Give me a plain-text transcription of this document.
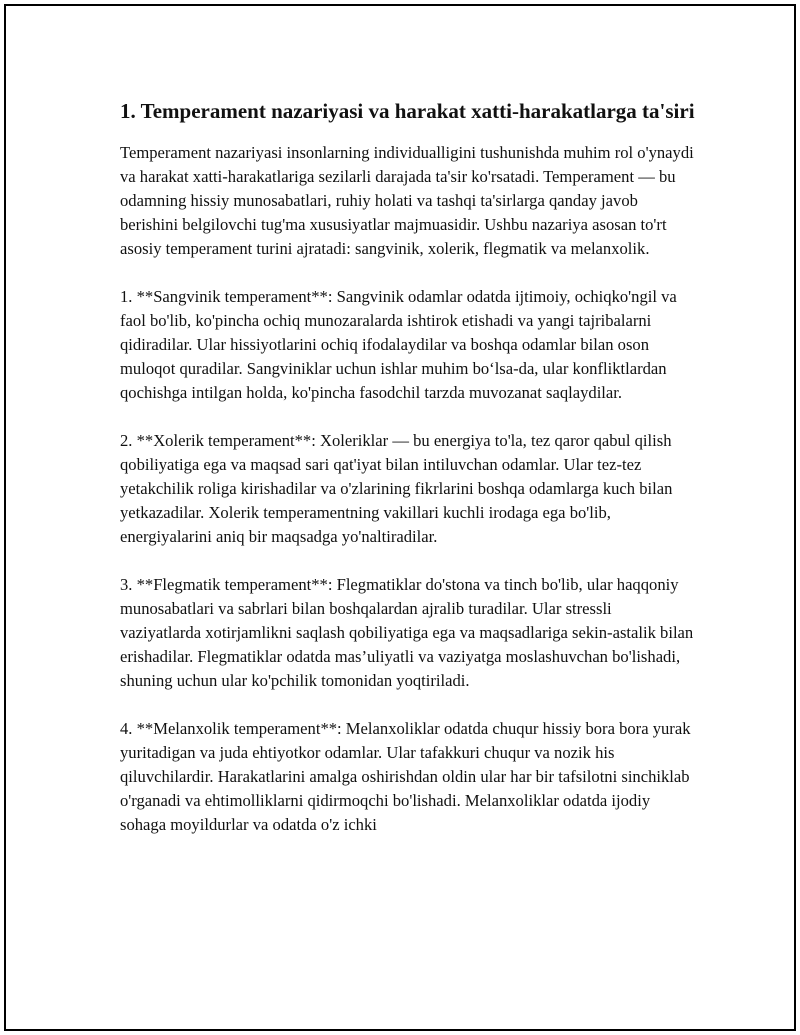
1. Temperament nazariyasi va harakat xatti-harakatlarga ta'siri

Temperament nazariyasi insonlarning individualligini tushunishda muhim rol o'ynaydi va harakat xatti-harakatlariga sezilarli darajada ta'sir ko'rsatadi. Temperament — bu odamning hissiy munosabatlari, ruhiy holati va tashqi ta'sirlarga qanday javob berishini belgilovchi tug'ma xususiyatlar majmuasidir. Ushbu nazariya asosan to'rt asosiy temperament turini ajratadi: sangvinik, xolerik, flegmatik va melanxolik.

1. **Sangvinik temperament**: Sangvinik odamlar odatda ijtimoiy, ochiqko'ngil va faol bo'lib, ko'pincha ochiq munozaralarda ishtirok etishadi va yangi tajribalarni qidiradilar. Ular hissiyotlarini ochiq ifodalaydilar va boshqa odamlar bilan oson muloqot quradilar. Sangviniklar uchun ishlar muhim bo‘lsa-da, ular konfliktlardan qochishga intilgan holda, ko'pincha fasodchil tarzda muvozanat saqlaydilar.

2. **Xolerik temperament**: Xoleriklar — bu energiya to'la, tez qaror qabul qilish qobiliyatiga ega va maqsad sari qat'iyat bilan intiluvchan odamlar. Ular tez-tez yetakchilik roliga kirishadilar va o'zlarining fikrlarini boshqa odamlarga kuch bilan yetkazadilar. Xolerik temperamentning vakillari kuchli irodaga ega bo'lib, energiyalarini aniq bir maqsadga yo'naltiradilar.

3. **Flegmatik temperament**: Flegmatiklar do'stona va tinch bo'lib, ular haqqoniy munosabatlari va sabrlari bilan boshqalardan ajralib turadilar. Ular stressli vaziyatlarda xotirjamlikni saqlash qobiliyatiga ega va maqsadlariga sekin-astalik bilan erishadilar. Flegmatiklar odatda mas’uliyatli va vaziyatga moslashuvchan bo'lishadi, shuning uchun ular ko'pchilik tomonidan yoqtiriladi.

4. **Melanxolik temperament**: Melanxoliklar odatda chuqur hissiy bora bora yurak yuritadigan va juda ehtiyotkor odamlar. Ular tafakkuri chuqur va nozik his qiluvchilardir. Harakatlarini amalga oshirishdan oldin ular har bir tafsilotni sinchiklab o'rganadi va ehtimolliklarni qidirmoqchi bo'lishadi. Melanxoliklar odatda ijodiy sohaga moyildurlar va odatda o'z ichki
